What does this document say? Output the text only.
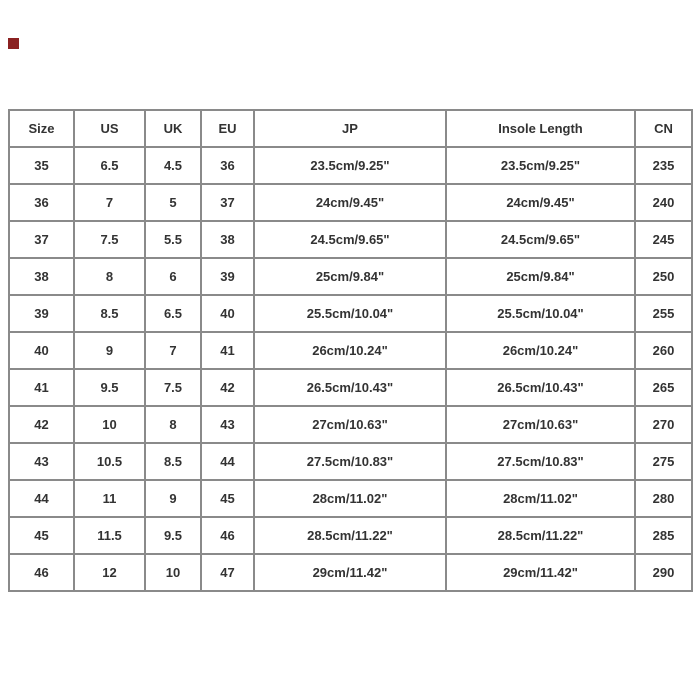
Size	US	UK	EU	JP	Insole Length	CN
35	6.5	4.5	36	23.5cm/9.25"	23.5cm/9.25"	235
36	7	5	37	24cm/9.45"	24cm/9.45"	240
37	7.5	5.5	38	24.5cm/9.65"	24.5cm/9.65"	245
38	8	6	39	25cm/9.84"	25cm/9.84"	250
39	8.5	6.5	40	25.5cm/10.04"	25.5cm/10.04"	255
40	9	7	41	26cm/10.24"	26cm/10.24"	260
41	9.5	7.5	42	26.5cm/10.43"	26.5cm/10.43"	265
42	10	8	43	27cm/10.63"	27cm/10.63"	270
43	10.5	8.5	44	27.5cm/10.83"	27.5cm/10.83"	275
44	11	9	45	28cm/11.02"	28cm/11.02"	280
45	11.5	9.5	46	28.5cm/11.22"	28.5cm/11.22"	285
46	12	10	47	29cm/11.42"	29cm/11.42"	290
